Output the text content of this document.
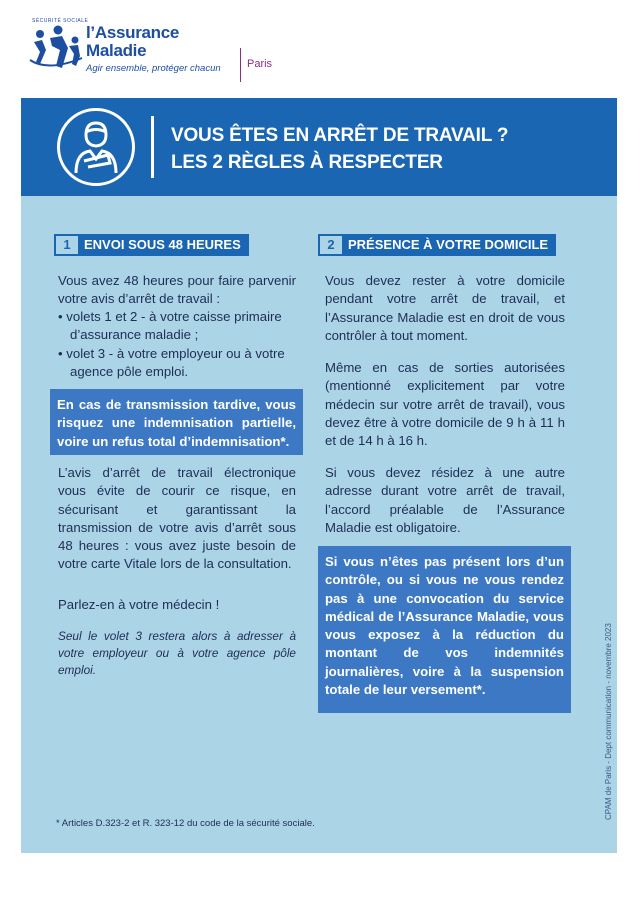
SÉCURITÉ SOCIALE
l’Assurance
Maladie
Agir ensemble, protéger chacun Paris
VOUS ÊTES EN ARRÊT DE TRAVAIL ?
LES 2 RÈGLES À RESPECTER
1 ENVOI SOUS 48 HEURES
Vous avez 48 heures pour faire parvenir votre avis d’arrêt de travail :
• volets 1 et 2 - à votre caisse primaire
d’assurance maladie ;
• volet 3 - à votre employeur ou à votre
agence pôle emploi.
En cas de transmission tardive, vous risquez une indemnisation partielle, voire un refus total d’indemnisation*.
L’avis d’arrêt de travail électronique vous évite de courir ce risque, en sécurisant et garantissant la transmission de votre avis d’arrêt sous 48 heures : vous avez juste besoin de votre carte Vitale lors de la consultation.
Parlez-en à votre médecin !
Seul le volet 3 restera alors à adresser à votre employeur ou à votre agence pôle emploi.
2 PRÉSENCE À VOTRE DOMICILE
Vous devez rester à votre domicile pendant votre arrêt de travail, et l’Assurance Maladie est en droit de vous contrôler à tout moment.
Même en cas de sorties autorisées (mentionné explicitement par votre médecin sur votre arrêt de travail), vous devez être à votre domicile de 9 h à 11 h et de 14 h à 16 h.
Si vous devez résidez à une autre adresse durant votre arrêt de travail, l’accord préalable de l’Assurance Maladie est obligatoire.
Si vous n’êtes pas présent lors d’un contrôle, ou si vous ne vous rendez pas à une convocation du service médical de l’Assurance Maladie, vous vous exposez à la réduction du montant de vos indemnités journalières, voire à la suspension totale de leur versement*.
* Articles D.323-2 et R. 323-12 du code de la sécurité sociale.
CPAM de Paris - Dept communication - novembre 2023
